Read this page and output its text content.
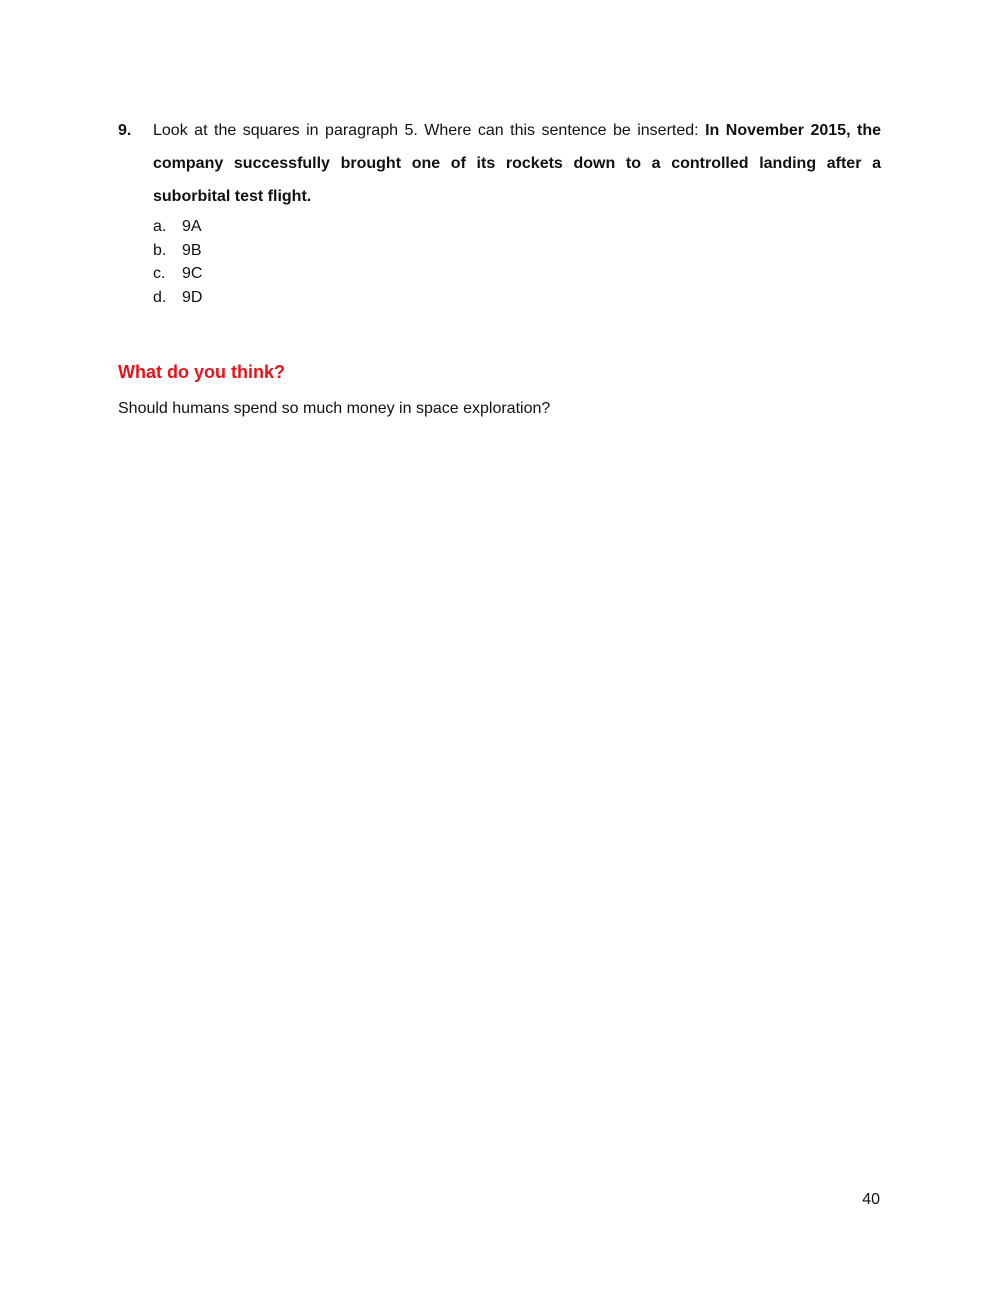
9. Look at the squares in paragraph 5. Where can this sentence be inserted: In November 2015, the company successfully brought one of its rockets down to a controlled landing after a suborbital test flight.
a. 9A
b. 9B
c.	9C
d. 9D
What do you think?

Should humans spend so much money in space exploration?

40
